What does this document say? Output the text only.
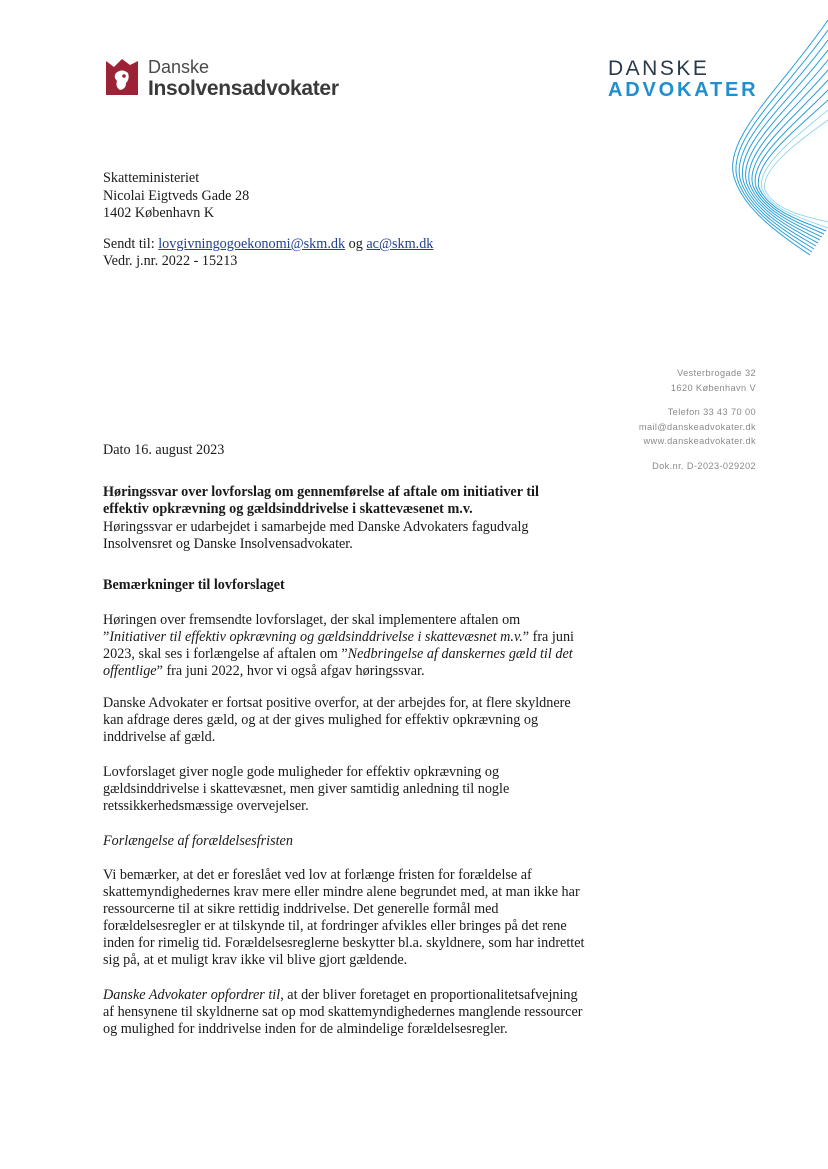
Danske
Insolvensadvokater
DANSKE
ADVOKATER
Skatteministeriet
Nicolai Eigtveds Gade 28
1402 København K
Sendt til: lovgivningogoekonomi@skm.dk og ac@skm.dk
Vedr. j.nr. 2022 - 15213
Vesterbrogade 32
1620 København V
Telefon 33 43 70 00
mail@danskeadvokater.dk
www.danskeadvokater.dk
Dok.nr. D-2023-029202
Dato 16. august 2023
Høringssvar over lovforslag om gennemførelse af aftale om initiativer til
effektiv opkrævning og gældsinddrivelse i skattevæsenet m.v.
Høringssvar er udarbejdet i samarbejde med Danske Advokaters fagudvalg
Insolvensret og Danske Insolvensadvokater.
Bemærkninger til lovforslaget
Høringen over fremsendte lovforslaget, der skal implementere aftalen om
”Initiativer til effektiv opkrævning og gældsinddrivelse i skattevæsnet m.v.” fra juni
2023, skal ses i forlængelse af aftalen om ”Nedbringelse af danskernes gæld til det
offentlige” fra juni 2022, hvor vi også afgav høringssvar.
Danske Advokater er fortsat positive overfor, at der arbejdes for, at flere skyldnere
kan afdrage deres gæld, og at der gives mulighed for effektiv opkrævning og
inddrivelse af gæld.
Lovforslaget giver nogle gode muligheder for effektiv opkrævning og
gældsinddrivelse i skattevæsnet, men giver samtidig anledning til nogle
retssikkerhedsmæssige overvejelser.
Forlængelse af forældelsesfristen
Vi bemærker, at det er foreslået ved lov at forlænge fristen for forældelse af
skattemyndighedernes krav mere eller mindre alene begrundet med, at man ikke har
ressourcerne til at sikre rettidig inddrivelse. Det generelle formål med
forældelsesregler er at tilskynde til, at fordringer afvikles eller bringes på det rene
inden for rimelig tid. Forældelsesreglerne beskytter bl.a. skyldnere, som har indrettet
sig på, at et muligt krav ikke vil blive gjort gældende.
Danske Advokater opfordrer til, at der bliver foretaget en proportionalitetsafvejning
af hensynene til skyldnerne sat op mod skattemyndighedernes manglende ressourcer
og mulighed for inddrivelse inden for de almindelige forældelsesregler.
